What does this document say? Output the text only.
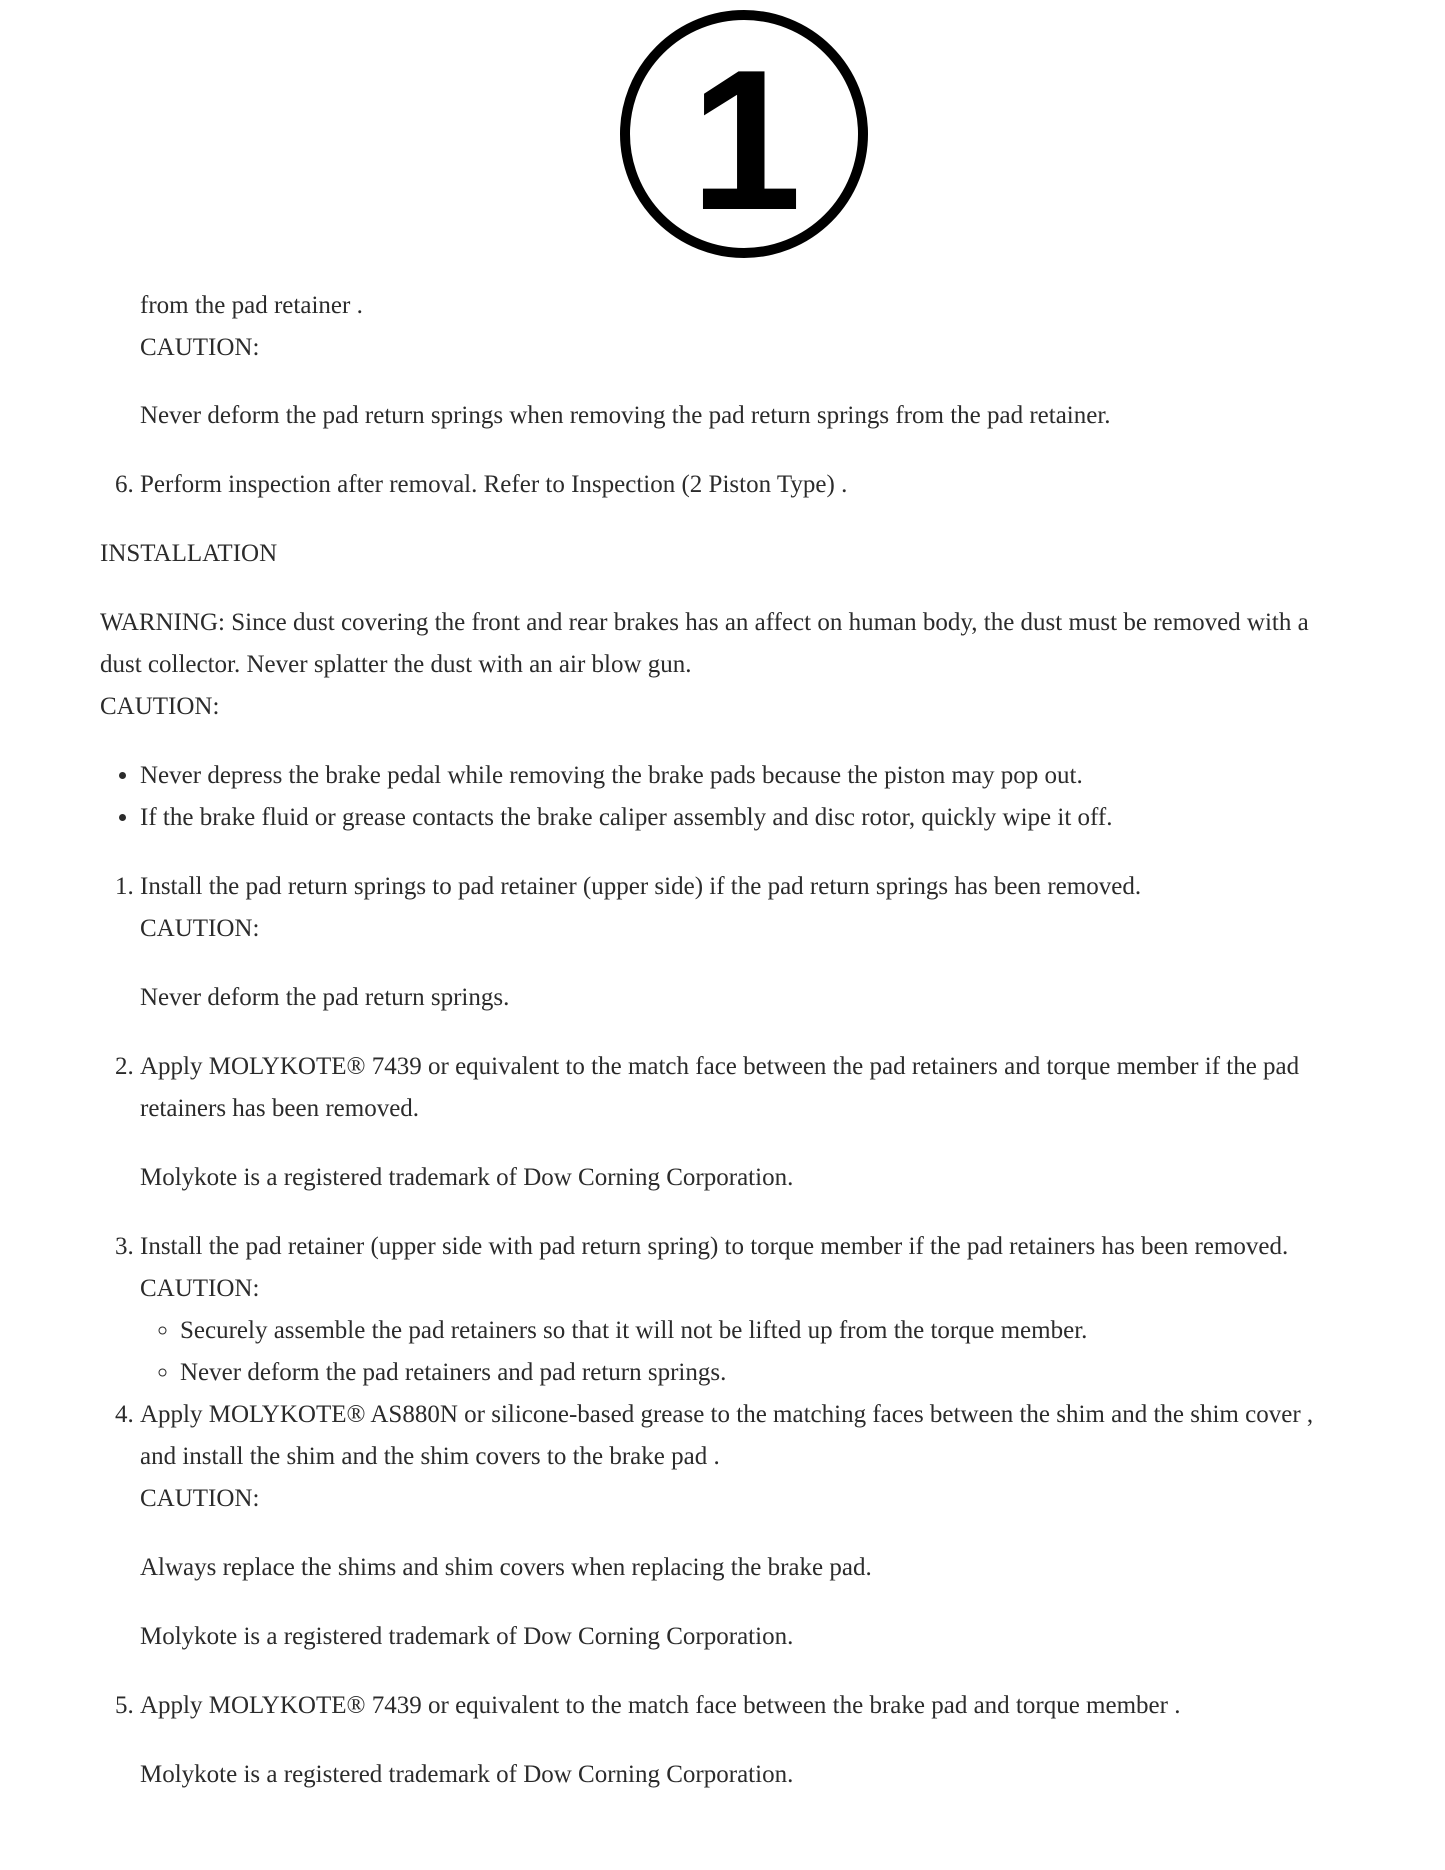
1

from the pad retainer .

CAUTION:

Never deform the pad return springs when removing the pad return springs from the pad retainer.

6. Perform inspection after removal. Refer to Inspection (2 Piston Type) .

INSTALLATION

WARNING: Since dust covering the front and rear brakes has an affect on human body, the dust must be removed with a dust collector. Never splatter the dust with an air blow gun.

CAUTION:

• Never depress the brake pedal while removing the brake pads because the piston may pop out.
• If the brake fluid or grease contacts the brake caliper assembly and disc rotor, quickly wipe it off.
1. Install the pad return springs to pad retainer (upper side) if the pad return springs has been removed.
CAUTION:

Never deform the pad return springs.

2. Apply MOLYKOTE® 7439 or equivalent to the match face between the pad retainers and torque member if the pad retainers has been removed.

Molykote is a registered trademark of Dow Corning Corporation.

3. Install the pad retainer (upper side with pad return spring) to torque member if the pad retainers has been removed.
CAUTION:
◦ Securely assemble the pad retainers so that it will not be lifted up from the torque member.
◦ Never deform the pad retainers and pad return springs.
4. Apply MOLYKOTE® AS880N or silicone-based grease to the matching faces between the shim and the shim cover , and install the shim and the shim covers to the brake pad .
CAUTION:

Always replace the shims and shim covers when replacing the brake pad.

Molykote is a registered trademark of Dow Corning Corporation.

5. Apply MOLYKOTE® 7439 or equivalent to the match face between the brake pad and torque member .

Molykote is a registered trademark of Dow Corning Corporation.
